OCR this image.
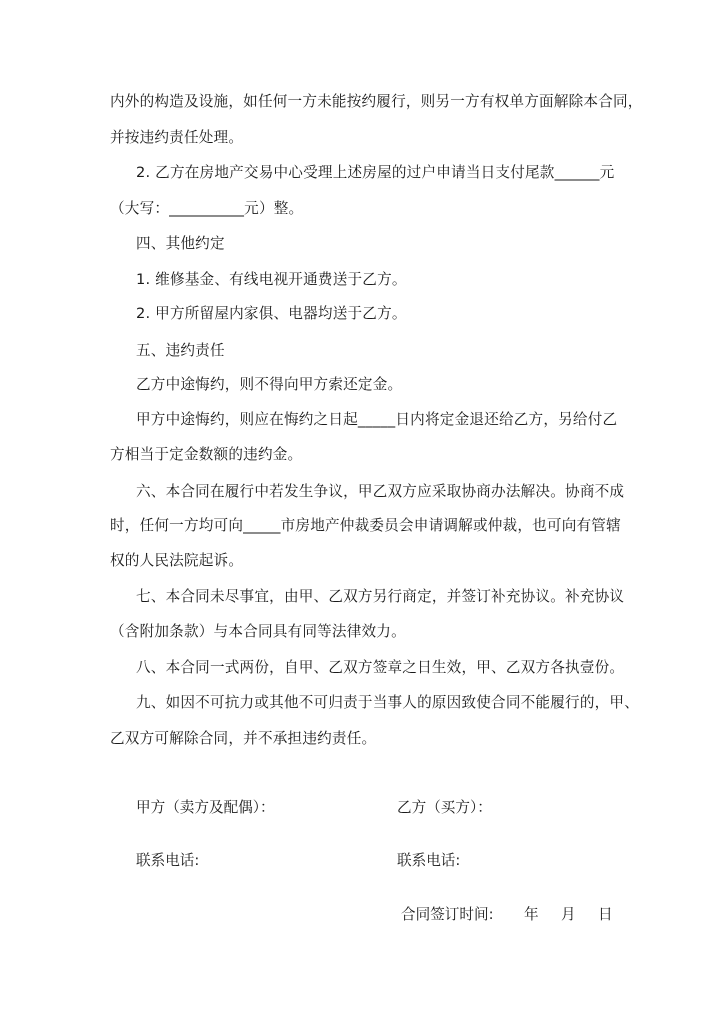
内外的构造及设施，如任何一方未能按约履行，则另一方有权单方面解除本合同，
并按违约责任处理。
2. 乙方在房地产交易中心受理上述房屋的过户申请当日支付尾款______元
（大写：__________元）整。
四、其他约定
1. 维修基金、有线电视开通费送于乙方。
2. 甲方所留屋内家俱、电器均送于乙方。
五、违约责任
乙方中途悔约，则不得向甲方索还定金。
甲方中途悔约，则应在悔约之日起_____日内将定金退还给乙方，另给付乙
方相当于定金数额的违约金。
六、本合同在履行中若发生争议，甲乙双方应采取协商办法解决。协商不成
时，任何一方均可向_____市房地产仲裁委员会申请调解或仲裁，也可向有管辖
权的人民法院起诉。
七、本合同未尽事宜，由甲、乙双方另行商定，并签订补充协议。补充协议
（含附加条款）与本合同具有同等法律效力。
八、本合同一式两份，自甲、乙双方签章之日生效，甲、乙双方各执壹份。
九、如因不可抗力或其他不可归责于当事人的原因致使合同不能履行的，甲、
乙双方可解除合同，并不承担违约责任。
甲方（卖方及配偶）：	乙方（买方）：
联系电话:	联系电话:
合同签订时间: 年 月 日
